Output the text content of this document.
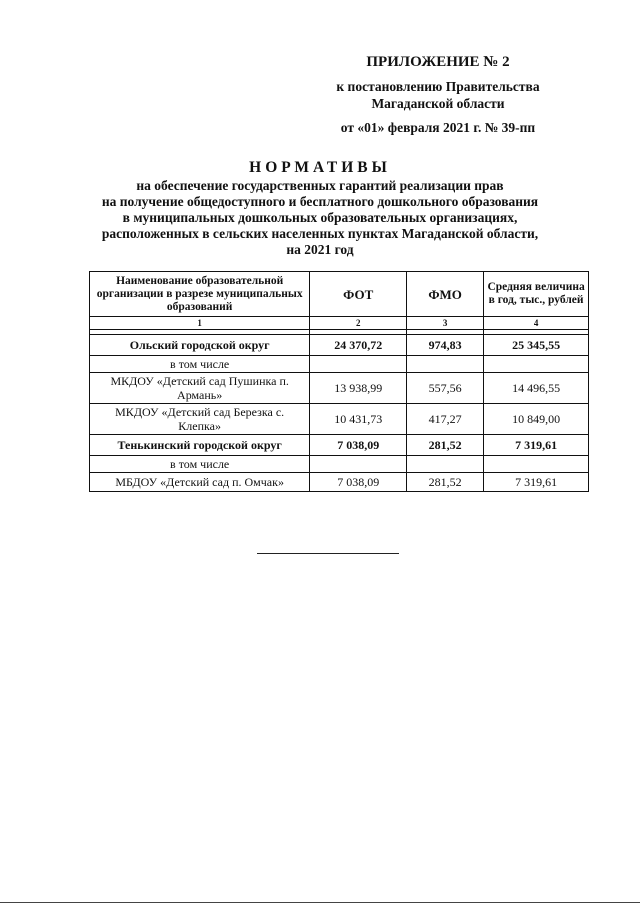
ПРИЛОЖЕНИЕ № 2
к постановлению Правительства
Магаданской области
от «01» февраля 2021 г. № 39-пп
НОРМАТИВЫ
на обеспечение государственных гарантий реализации прав
на получение общедоступного и бесплатного дошкольного образования
в муниципальных дошкольных образовательных организациях,
расположенных в сельских населенных пунктах Магаданской области,
на 2021 год
Наименование образовательной организации в разрезе муниципальных образований	ФОТ	ФМО	Средняя величина в год, тыс., рублей
1	2	3	4

Ольский городской округ	24 370,72	974,83	25 345,55
в том числе			
МКДОУ «Детский сад Пушинка п. Армань»	13 938,99	557,56	14 496,55
МКДОУ «Детский сад Березка с. Клепка»	10 431,73	417,27	10 849,00
Тенькинский городской округ	7 038,09	281,52	7 319,61
в том числе			
МБДОУ «Детский сад п. Омчак»	7 038,09	281,52	7 319,61
